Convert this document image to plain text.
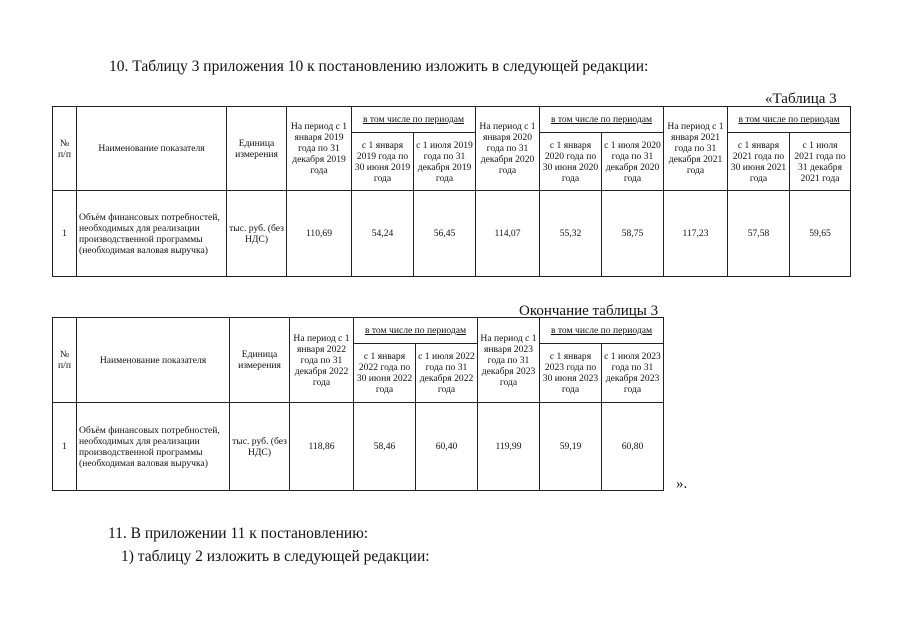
10. Таблицу 3 приложения 10 к постановлению изложить в следующей редакции:
«Таблица 3
№ п/п	Наименование показателя	Единица измерения	На период с 1 января 2019 года по 31 декабря 2019 года	в том числе по периодам		На период с 1 января 2020 года по 31 декабря 2020 года	в том числе по периодам		На период с 1 января 2021 года по 31 декабря 2021 года	в том числе по периодам	
				с 1 января 2019 года по 30 июня 2019 года	с 1 июля 2019 года по 31 декабря 2019 года		с 1 января 2020 года по 30 июня 2020 года	с 1 июля 2020 года по 31 декабря 2020 года		с 1 января 2021 года по 30 июня 2021 года	с 1 июля 2021 года по 31 декабря 2021 года
1	Объём финансовых потребностей, необходимых для реализации производственной программы (необходимая валовая выручка)	тыс. руб. (без НДС)	110,69	54,24	56,45	114,07	55,32	58,75	117,23	57,58	59,65
Окончание таблицы 3
№ п/п	Наименование показателя	Единица измерения	На период с 1 января 2022 года по 31 декабря 2022 года	в том числе по периодам		На период с 1 января 2023 года по 31 декабря 2023 года	в том числе по периодам	
				с 1 января 2022 года по 30 июня 2022 года	с 1 июля 2022 года по 31 декабря 2022 года		с 1 января 2023 года по 30 июня 2023 года	с 1 июля 2023 года по 31 декабря 2023 года
1	Объём финансовых потребностей, необходимых для реализации производственной программы (необходимая валовая выручка)	тыс. руб. (без НДС)	118,86	58,46	60,40	119,99	59,19	60,80
».
11. В приложении 11 к постановлению:
1) таблицу 2 изложить в следующей редакции:
